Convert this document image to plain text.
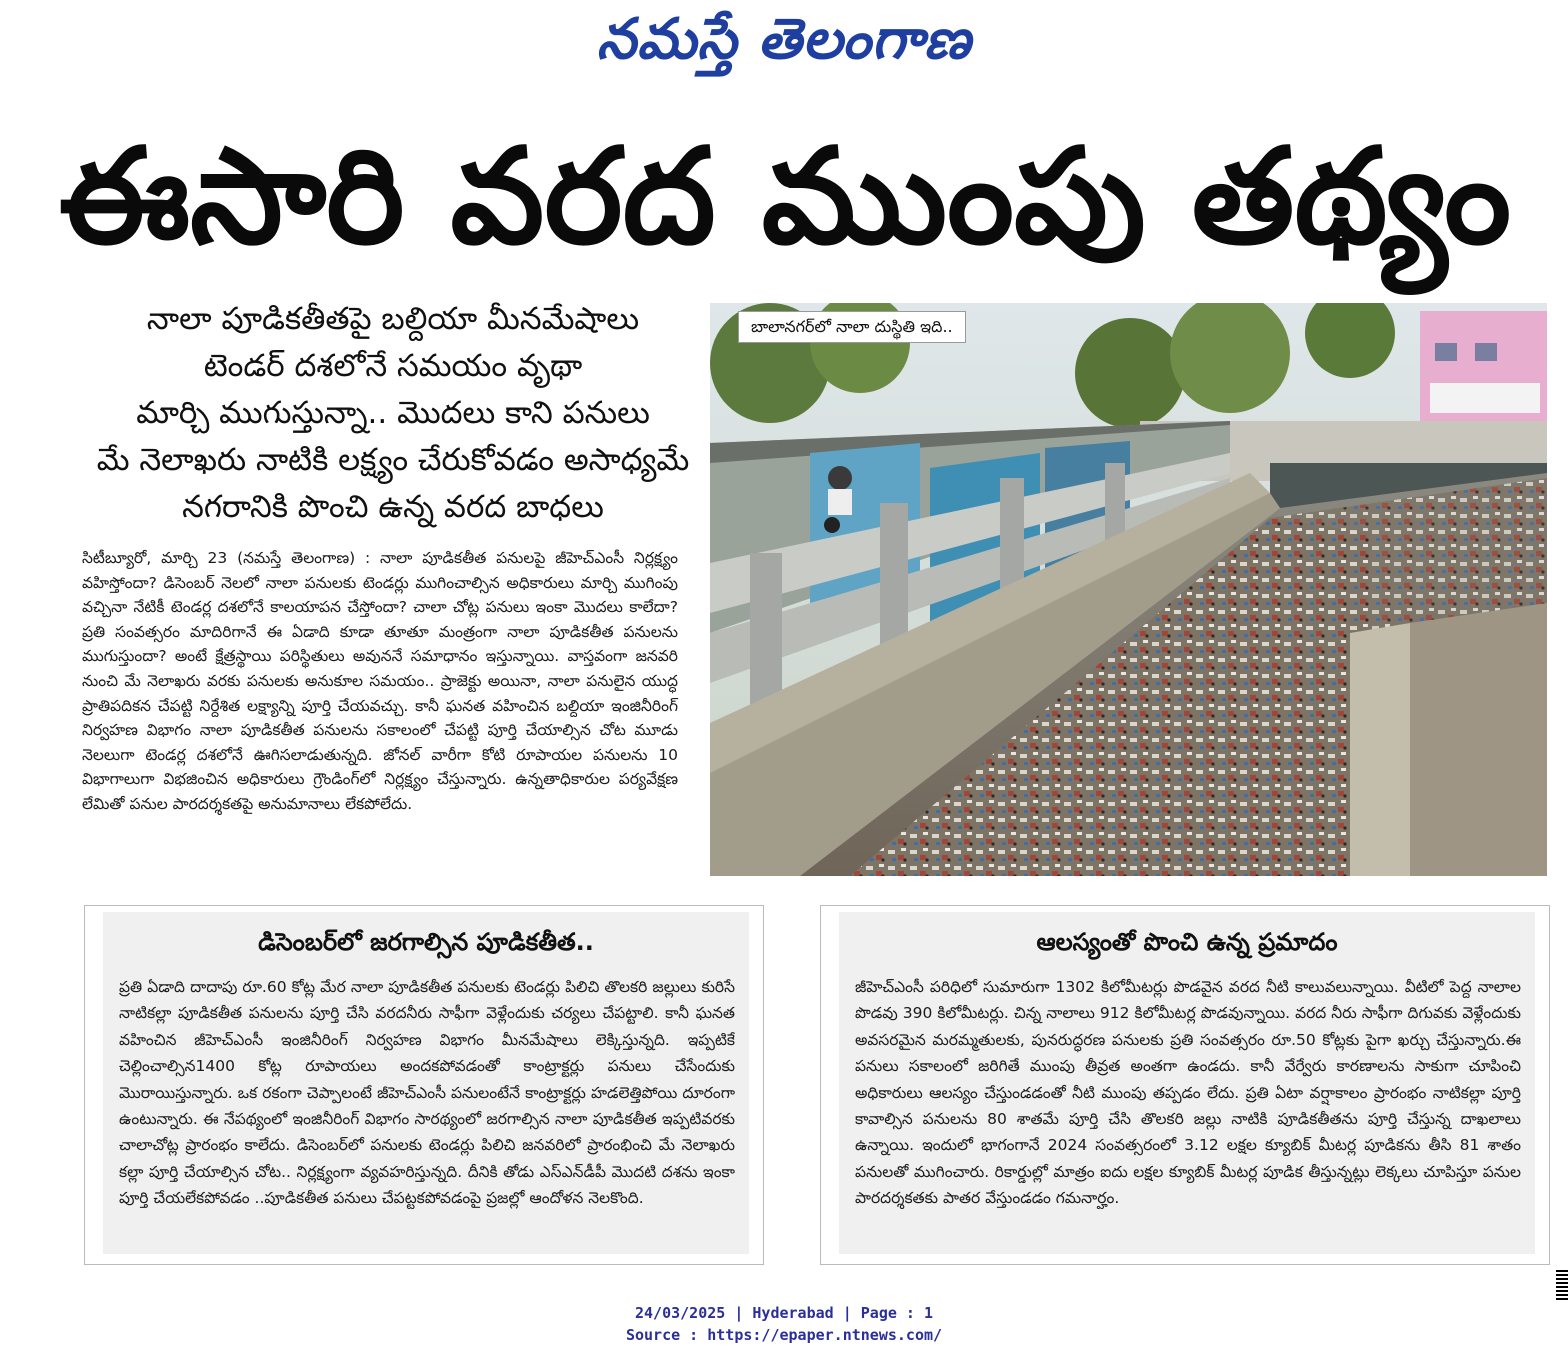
నమస్తే తెలంగాణ
ఈసారి వరద ముంపు తథ్యం
నాలా పూడికతీతపై బల్దియా మీనమేషాలు
టెండర్ దశలోనే సమయం వృథా
మార్చి ముగుస్తున్నా.. మొదలు కాని పనులు
మే నెలాఖరు నాటికి లక్ష్యం చేరుకోవడం అసాధ్యమే
నగరానికి పొంచి ఉన్న వరద బాధలు
సిటీబ్యూరో, మార్చి 23 (నమస్తే తెలంగాణ) : నాలా పూడికతీత పనులపై జీహెచ్ఎంసీ నిర్లక్ష్యం వహిస్తోందా? డిసెంబర్ నెలలో నాలా పనులకు టెండర్లు ముగించాల్సిన అధికారులు మార్చి ముగింపు వచ్చినా నేటికీ టెండర్ల దశలోనే కాలయాపన చేస్తోందా? చాలా చోట్ల పనులు ఇంకా మొదలు కాలేదా? ప్రతి సంవత్సరం మాదిరిగానే ఈ ఏడాది కూడా తూతూ మంత్రంగా నాలా పూడికతీత పనులను ముగుస్తుందా? అంటే క్షేత్రస్థాయి పరిస్థితులు అవుననే సమాధానం ఇస్తున్నాయి. వాస్తవంగా జనవరి నుంచి మే నెలాఖరు వరకు పనులకు అనుకూల సమయం.. ప్రాజెక్టు అయినా, నాలా పనులైన యుద్ధ ప్రాతిపదికన చేపట్టి నిర్దేశిత లక్ష్యాన్ని పూర్తి చేయవచ్చు. కానీ ఘనత వహించిన బల్దియా ఇంజినీరింగ్ నిర్వహణ విభాగం నాలా పూడికతీత పనులను సకాలంలో చేపట్టి పూర్తి చేయాల్సిన చోట మూడు నెలలుగా టెండర్ల దశలోనే ఊగిసలాడుతున్నది. జోనల్ వారీగా కోటి రూపాయల పనులను 10 విభాగాలుగా విభజించిన అధికారులు గ్రౌండింగ్‌లో నిర్లక్ష్యం చేస్తున్నారు. ఉన్నతాధికారుల పర్యవేక్షణ లేమితో పనుల పారదర్శకతపై అనుమానాలు లేకపోలేదు.
బాలానగర్‌లో నాలా దుస్థితి ఇది..
డిసెంబర్‌లో జరగాల్సిన పూడికతీత..
ప్రతి ఏడాది దాదాపు రూ.60 కోట్ల మేర నాలా పూడికతీత పనులకు టెండర్లు పిలిచి తొలకరి జల్లులు కురిసే నాటికల్లా పూడికతీత పనులను పూర్తి చేసి వరదనీరు సాఫీగా వెళ్లేందుకు చర్యలు చేపట్టాలి. కానీ ఘనత వహించిన జీహెచ్ఎంసీ ఇంజినీరింగ్ నిర్వహణ విభాగం మీనమేషాలు లెక్కిస్తున్నది. ఇప్పటికే చెల్లించాల్సిన1400 కోట్ల రూపాయలు అందకపోవడంతో కాంట్రాక్టర్లు పనులు చేసేందుకు మొరాయిస్తున్నారు. ఒక రకంగా చెప్పాలంటే జీహెచ్ఎంసీ పనులంటేనే కాంట్రాక్టర్లు హడలెత్తిపోయి దూరంగా ఉంటున్నారు. ఈ నేపథ్యంలో ఇంజినీరింగ్ విభాగం సారథ్యంలో జరగాల్సిన నాలా పూడికతీత ఇప్పటివరకు చాలాచోట్ల ప్రారంభం కాలేదు. డిసెంబర్‌లో పనులకు టెండర్లు పిలిచి జనవరిలో ప్రారంభించి మే నెలాఖరు కల్లా పూర్తి చేయాల్సిన చోట.. నిర్లక్ష్యంగా వ్యవహరిస్తున్నది. దీనికి తోడు ఎస్ఎన్‌డీపీ మొదటి దశను ఇంకా పూర్తి చేయలేకపోవడం ..పూడికతీత పనులు చేపట్టకపోవడంపై ప్రజల్లో ఆందోళన నెలకొంది.
ఆలస్యంతో పొంచి ఉన్న ప్రమాదం
జీహెచ్ఎంసీ పరిధిలో సుమారుగా 1302 కిలోమీటర్లు పొడవైన వరద నీటి కాలువలున్నాయి. వీటిలో పెద్ద నాలాల పొడవు 390 కిలోమీటర్లు. చిన్న నాలాలు 912 కిలోమీటర్ల పొడవున్నాయి. వరద నీరు సాఫీగా దిగువకు వెళ్లేందుకు అవసరమైన మరమ్మతులకు, పునరుద్ధరణ పనులకు ప్రతి సంవత్సరం రూ.50 కోట్లకు పైగా ఖర్చు చేస్తున్నారు.ఈ పనులు సకాలంలో జరిగితే ముంపు తీవ్రత అంతగా ఉండదు. కానీ వేర్వేరు కారణాలను సాకుగా చూపించి అధికారులు ఆలస్యం చేస్తుండడంతో నీటి ముంపు తప్పడం లేదు. ప్రతి ఏటా వర్షాకాలం ప్రారంభం నాటికల్లా పూర్తి కావాల్సిన పనులను 80 శాతమే పూర్తి చేసి తొలకరి జల్లు నాటికి పూడికతీతను పూర్తి చేస్తున్న దాఖలాలు ఉన్నాయి. ఇందులో భాగంగానే 2024 సంవత్సరంలో 3.12 లక్షల క్యూబిక్ మీటర్ల పూడికను తీసి 81 శాతం పనులతో ముగించారు. రికార్డుల్లో మాత్రం ఐదు లక్షల క్యూబిక్ మీటర్ల పూడిక తీస్తున్నట్లు లెక్కలు చూపిస్తూ పనుల పారదర్శకతకు పాతర వేస్తుండడం గమనార్హం.
24/03/2025 | Hyderabad | Page : 1
Source : https://epaper.ntnews.com/
